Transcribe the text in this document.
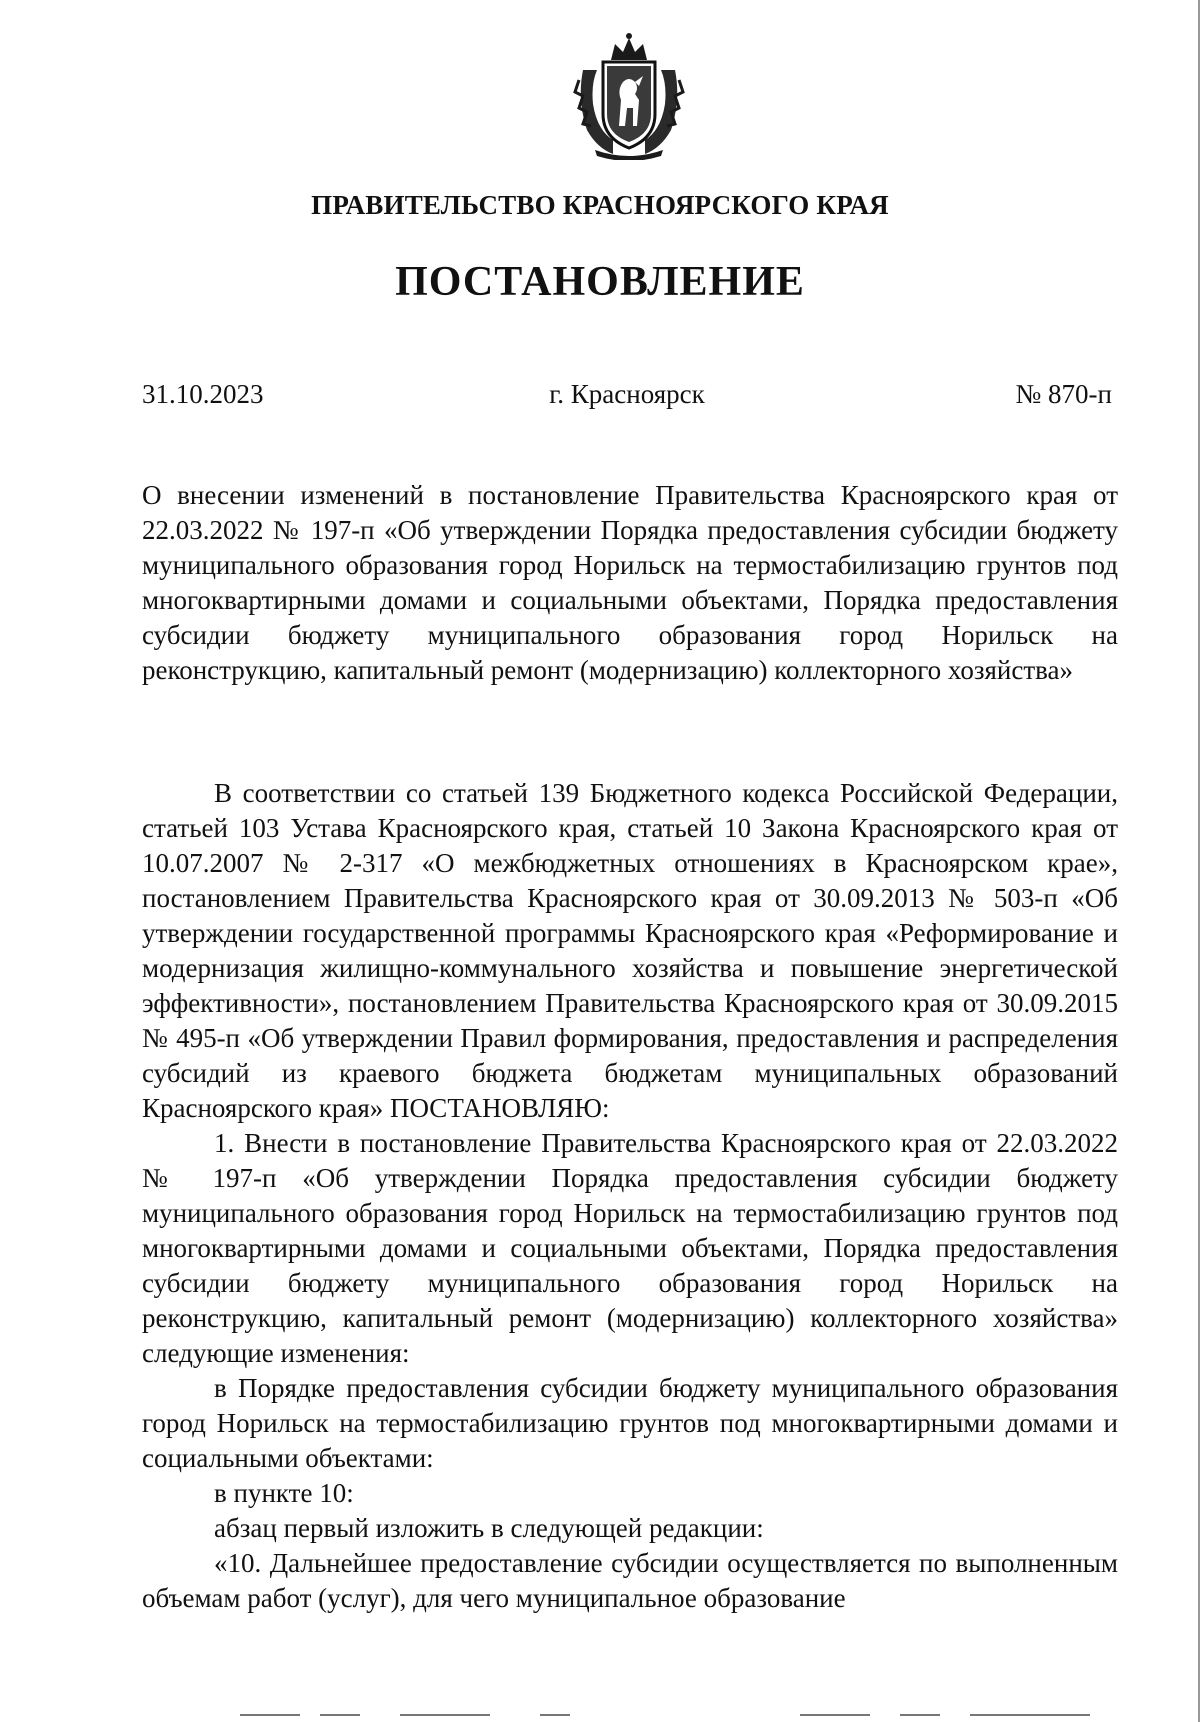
ПРАВИТЕЛЬСТВО КРАСНОЯРСКОГО КРАЯ
ПОСТАНОВЛЕНИЕ
31.10.2023	г. Красноярск	№ 870-п

О внесении изменений в постановление Правительства Красноярского края от 22.03.2022 № 197-п «Об утверждении Порядка предоставления субсидии бюджету муниципального образования город Норильск на термостабилизацию грунтов под многоквартирными домами и социальными объектами, Порядка предоставления субсидии бюджету муниципального образования город Норильск на реконструкцию, капитальный ремонт (модернизацию) коллекторного хозяйства»

В соответствии со статьей 139 Бюджетного кодекса Российской Федерации, статьей 103 Устава Красноярского края, статьей 10 Закона Красноярского края от 10.07.2007 № 2-317 «О межбюджетных отношениях в Красноярском крае», постановлением Правительства Красноярского края от 30.09.2013 № 503-п «Об утверждении государственной программы Красноярского края «Реформирование и модернизация жилищно-коммунального хозяйства и повышение энергетической эффективности», постановлением Правительства Красноярского края от 30.09.2015 № 495-п «Об утверждении Правил формирования, предоставления и распределения субсидий из краевого бюджета бюджетам муниципальных образований Красноярского края» ПОСТАНОВЛЯЮ:

1. Внести в постановление Правительства Красноярского края от 22.03.2022 № 197-п «Об утверждении Порядка предоставления субсидии бюджету муниципального образования город Норильск на термостабилизацию грунтов под многоквартирными домами и социальными объектами, Порядка предоставления субсидии бюджету муниципального образования город Норильск на реконструкцию, капитальный ремонт (модернизацию) коллекторного хозяйства» следующие изменения:

в Порядке предоставления субсидии бюджету муниципального образования город Норильск на термостабилизацию грунтов под многоквартирными домами и социальными объектами:

в пункте 10:

абзац первый изложить в следующей редакции:

«10. Дальнейшее предоставление субсидии осуществляется по выполненным объемам работ (услуг), для чего муниципальное образование
